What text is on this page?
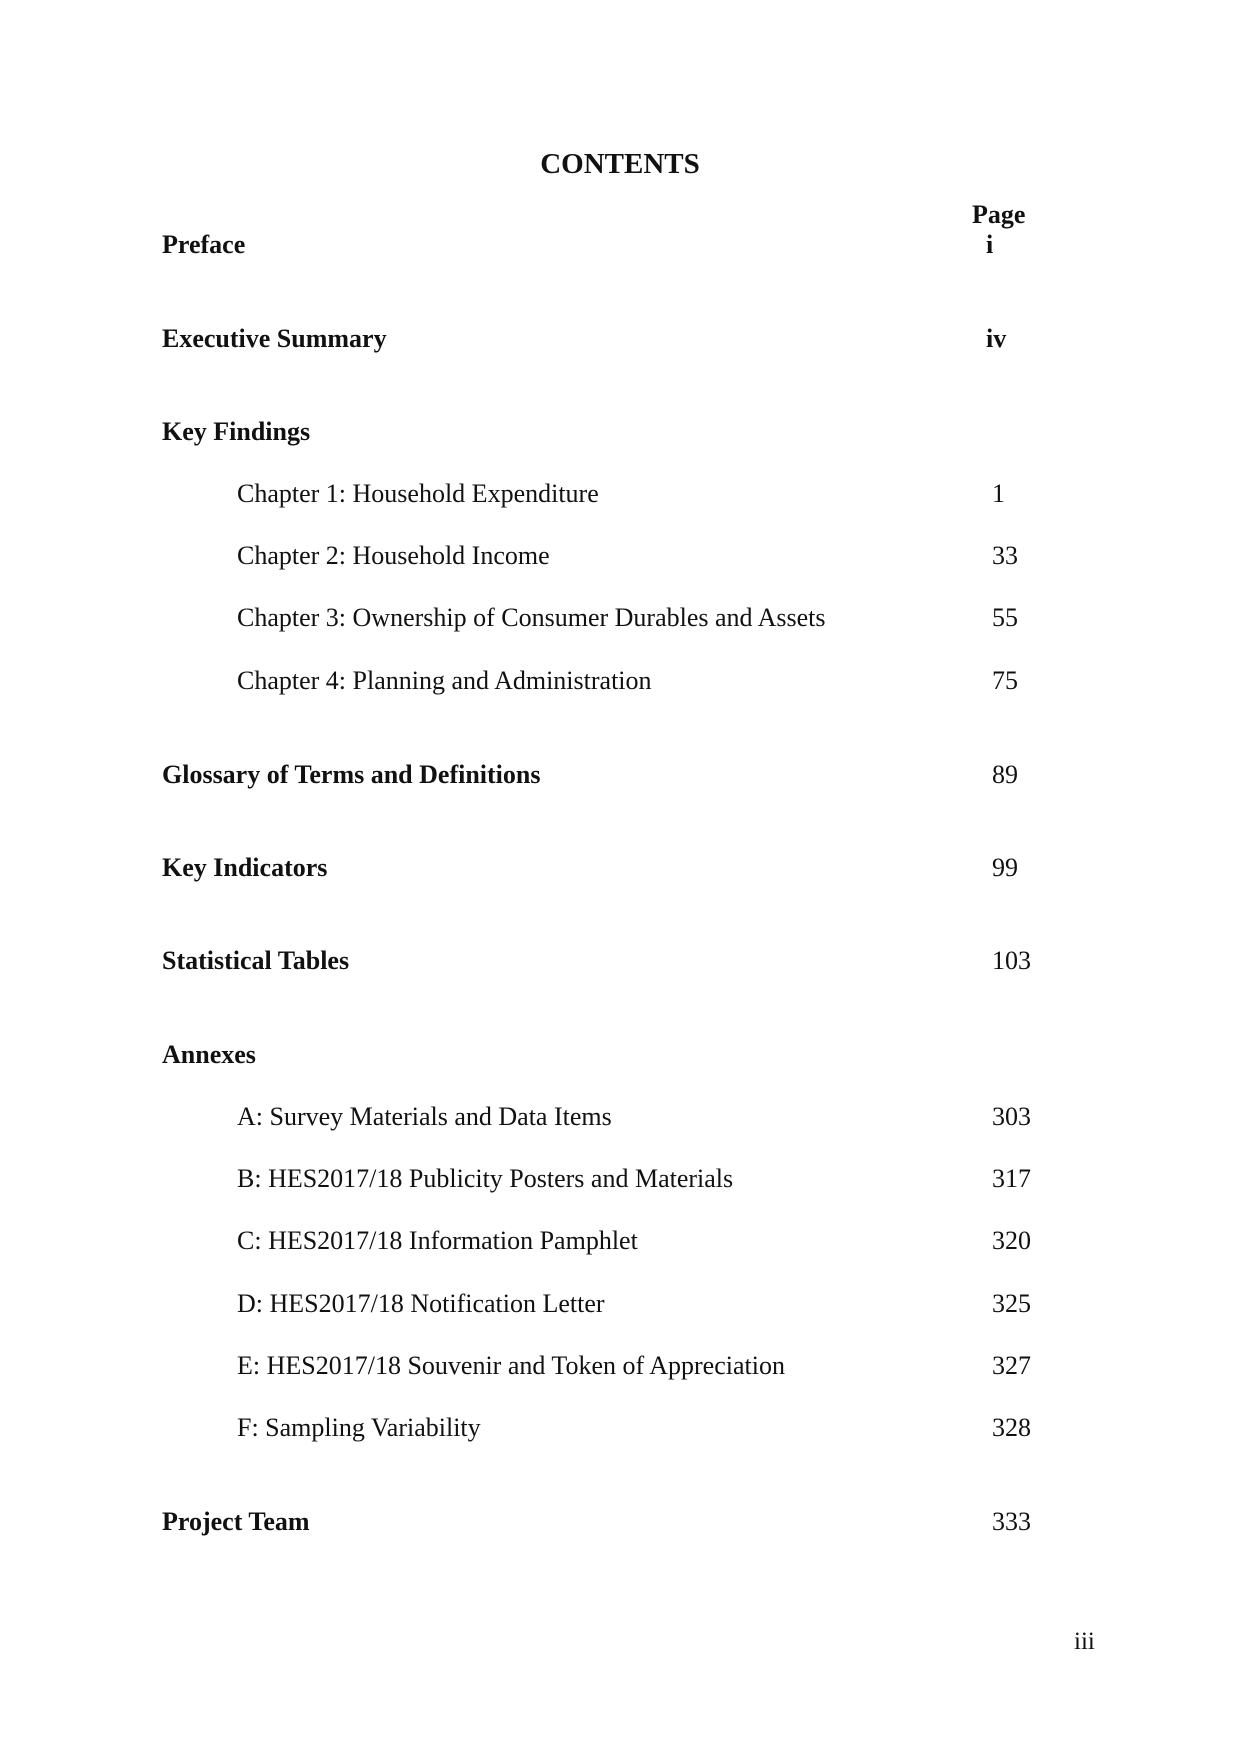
CONTENTS
Page
Preface	i
Executive Summary	iv
Key Findings
Chapter 1: Household Expenditure	1
Chapter 2: Household Income	33
Chapter 3: Ownership of Consumer Durables and Assets	55
Chapter 4: Planning and Administration	75
Glossary of Terms and Definitions	89
Key Indicators	99
Statistical Tables	103
Annexes
A: Survey Materials and Data Items	303
B: HES2017/18 Publicity Posters and Materials	317
C: HES2017/18 Information Pamphlet	320
D: HES2017/18 Notification Letter	325
E: HES2017/18 Souvenir and Token of Appreciation	327
F: Sampling Variability	328
Project Team	333
iii
